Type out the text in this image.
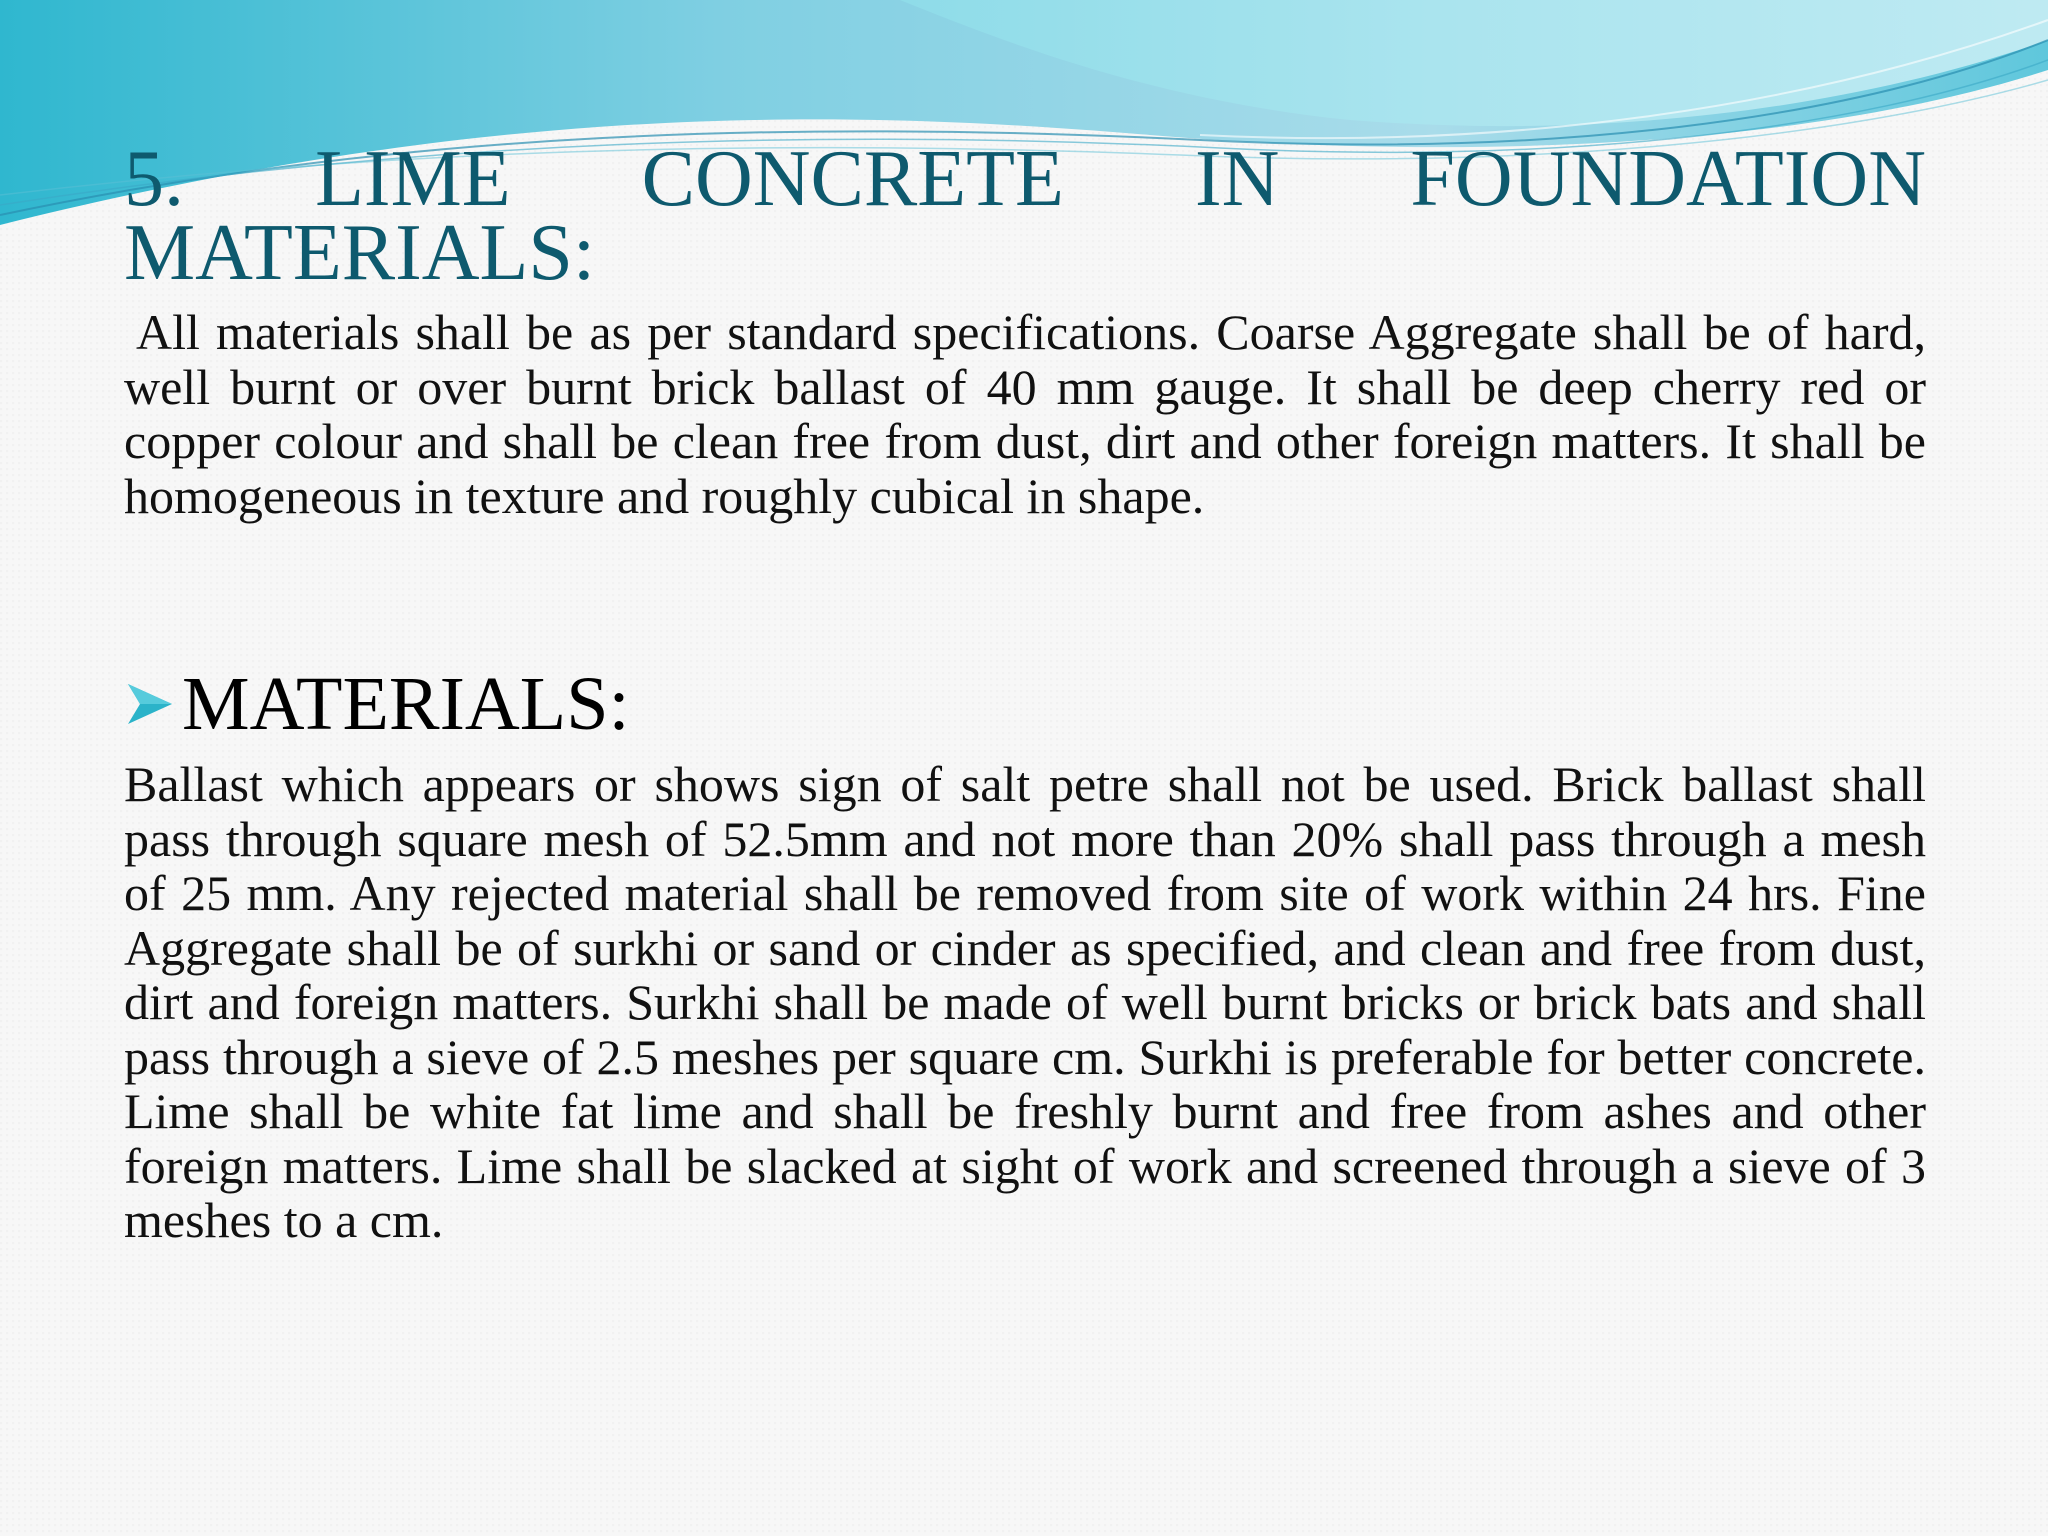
5. LIME CONCRETE IN FOUNDATION
MATERIALS:

All materials shall be as per standard specifications. Coarse Aggregate shall be of hard, well burnt or over burnt brick ballast of 40 mm gauge. It shall be deep cherry red or copper colour and shall be clean free from dust, dirt and other foreign matters. It shall be homogeneous in texture and roughly cubical in shape.

MATERIALS:

Ballast which appears or shows sign of salt petre shall not be used. Brick ballast shall pass through square mesh of 52.5mm and not more than 20% shall pass through a mesh of 25 mm. Any rejected material shall be removed from site of work within 24 hrs. Fine Aggregate shall be of surkhi or sand or cinder as specified, and clean and free from dust, dirt and foreign matters. Surkhi shall be made of well burnt bricks or brick bats and shall pass through a sieve of 2.5 meshes per square cm. Surkhi is preferable for better concrete. Lime shall be white fat lime and shall be freshly burnt and free from ashes and other foreign matters. Lime shall be slacked at sight of work and screened through a sieve of 3 meshes to a cm.
